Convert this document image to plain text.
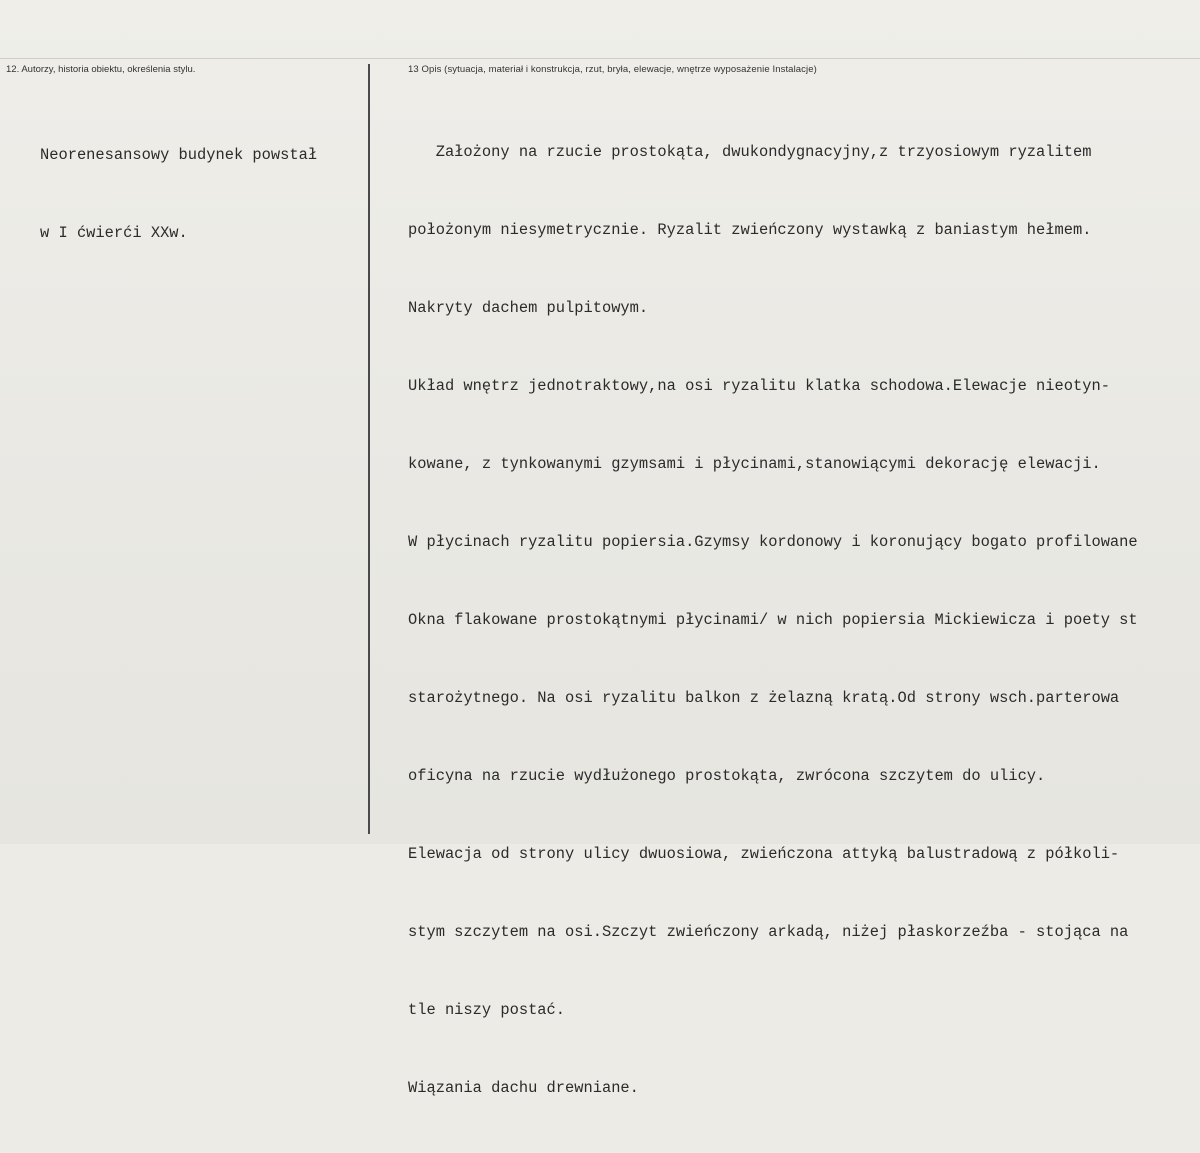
12. Autorzy, historia obiektu, określenia stylu.	13 Opis (sytuacja, materiał i konstrukcja, rzut, bryła, elewacje, wnętrze wyposażenie Instalacje)

Neorenesansowy budynek powstał

w I ćwierći XXw.

Założony na rzucie prostokąta, dwukondygnacyjny,z trzyosiowym ryzalitem

położonym niesymetrycznie. Ryzalit zwieńczony wystawką z baniastym hełmem.

Nakryty dachem pulpitowym.

Układ wnętrz jednotraktowy,na osi ryzalitu klatka schodowa.Elewacje nieotyn-

kowane, z tynkowanymi gzymsami i płycinami,stanowiącymi dekorację elewacji.

W płycinach ryzalitu popiersia.Gzymsy kordonowy i koronujący bogato profilowane

Okna flakowane prostokątnymi płycinami/ w nich popiersia Mickiewicza i poety st

starożytnego. Na osi ryzalitu balkon z żelazną kratą.Od strony wsch.parterowa

oficyna na rzucie wydłużonego prostokąta, zwrócona szczytem do ulicy.

Elewacja od strony ulicy dwuosiowa, zwieńczona attyką balustradową z półkoli-

stym szczytem na osi.Szczyt zwieńczony arkadą, niżej płaskorzeźba - stojąca na

tle niszy postać.

Wiązania dachu drewniane.
